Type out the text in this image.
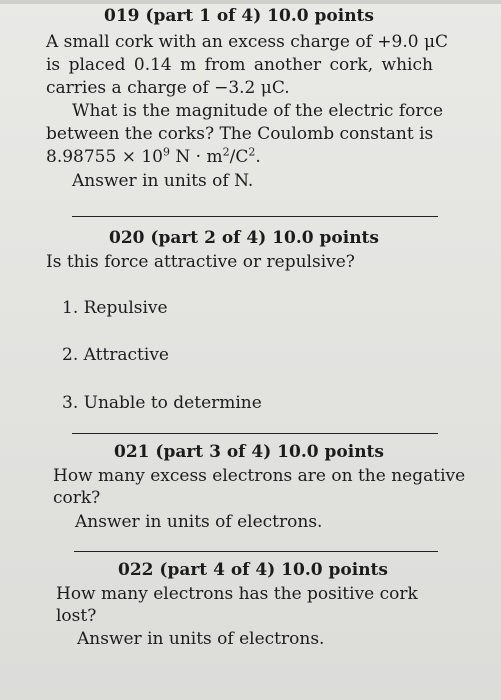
019 (part 1 of 4) 10.0 points
A small cork with an excess charge of +9.0 μC
is placed 0.14 m from another cork, which
carries a charge of −3.2 μC.
What is the magnitude of the electric force
between the corks? The Coulomb constant is
$8.98755 \times 10^9$ $N \cdot m^2/C^2$.
Answer in units of N.
020 (part 2 of 4) 10.0 points
Is this force attractive or repulsive?
1. Repulsive
2. Attractive
3. Unable to determine
021 (part 3 of 4) 10.0 points
How many excess electrons are on the negative
cork?
Answer in units of electrons.
022 (part 4 of 4) 10.0 points
How many electrons has the positive cork
lost?
Answer in units of electrons.
